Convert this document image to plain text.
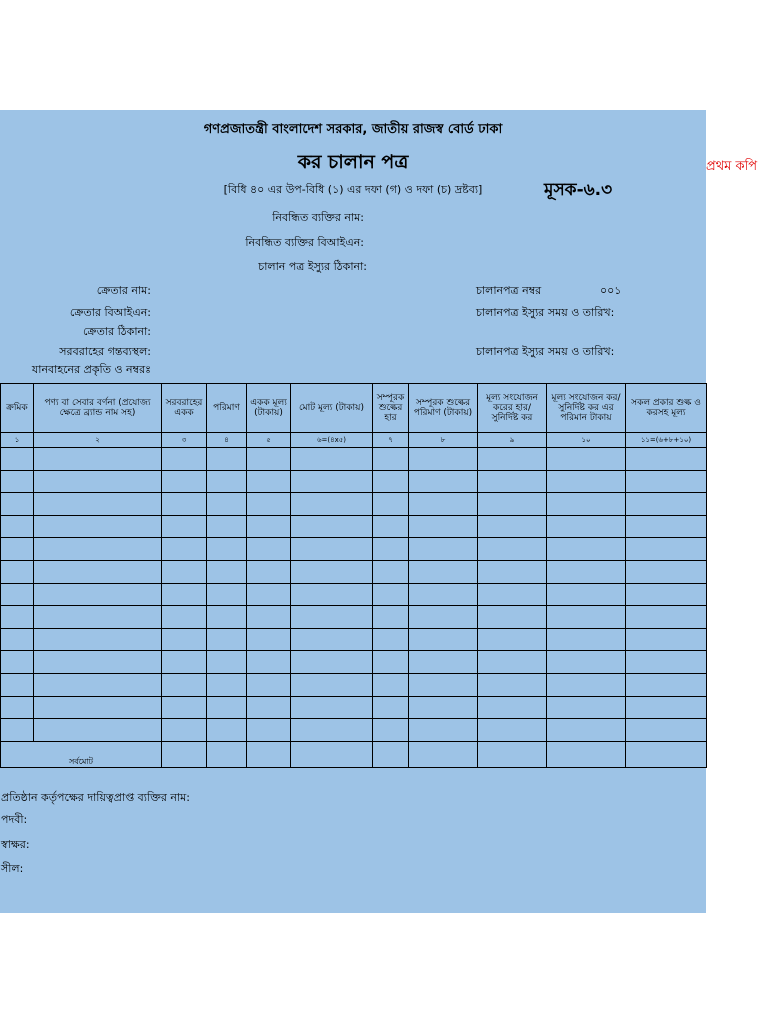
গণপ্রজাতন্ত্রী বাংলাদেশ সরকার, জাতীয় রাজস্ব বোর্ড ঢাকা
কর চালান পত্র
[বিধি ৪০ এর উপ-বিধি (১) এর দফা (গ) ও দফা (চ) দ্রষ্টব্য]	মূসক-৬.৩
নিবন্ধিত ব্যক্তির নাম:
নিবন্ধিত ব্যক্তির বিআইএন:
চালান পত্র ইস্যুর ঠিকানা:
ক্রেতার নাম:
ক্রেতার বিআইএন:
ক্রেতার ঠিকানা:
সরবরাহের গন্তব্যস্থল:
যানবাহনের প্রকৃতি ও নম্বরঃ
চালানপত্র নম্বর	০০১
চালানপত্র ইস্যুর সময় ও তারিখ:
চালানপত্র ইস্যুর সময় ও তারিখ:
প্রতিষ্ঠান কর্তৃপক্ষের দায়িত্বপ্রাপ্ত ব্যক্তির নাম:
পদবী:
স্বাক্ষর:
সীল:
প্রথম কপি
ক্রমিক	পণ্য বা সেবার বর্ণনা (প্রযোজ্য ক্ষেত্রে ব্র্যান্ড নাম সহ)	সরবরাহের একক	পরিমাণ	একক মূল্য (টাকায়)	মোট মূল্য (টাকায়)	সম্পূরক শুল্কের হার	সম্পূরক শুল্কের পরিমাণ (টাকায়)	মূল্য সংযোজন করের হার/ সুনির্দিষ্ট কর	মূল্য সংযোজন কর/ সুনির্দিষ্ট কর এর পরিমান টাকায়	সকল প্রকার শুল্ক ও করসহ মূল্য
১	২	৩	৪	৫	৬=(৪x৫)	৭	৮	৯	১০	১১=(৬+৮+১০)

সর্বমোট										
